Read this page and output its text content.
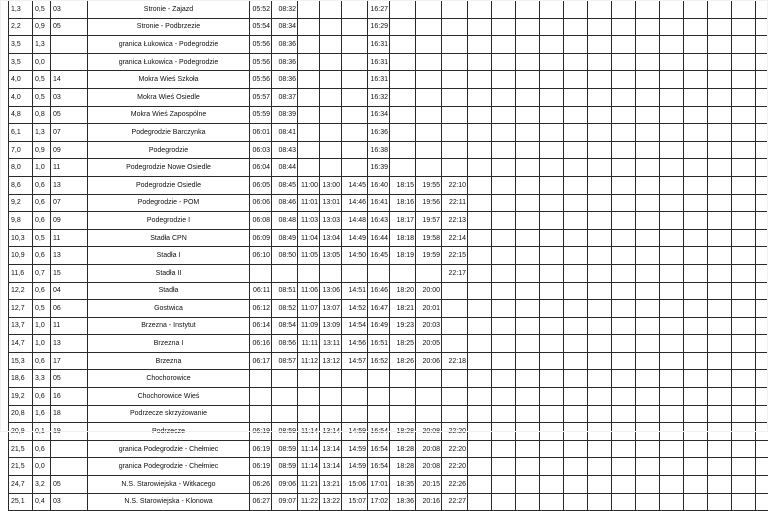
1,3	0,5	03	Stronie - Zajazd	05:52	08:32				16:27																	
2,2	0,9	05	Stronie - Podbrzezie	05:54	08:34				16:29																	
3,5	1,3		granica Łukowica - Podegrodzie	05:56	08:36				16:31																	
3,5	0,0		granica Łukowica - Podegrodzie	05:56	08:36				16:31																	
4,0	0,5	14	Mokra Wieś Szkoła	05:56	08:36				16:31																	
4,0	0,5	03	Mokra Wieś Osiedle	05:57	08:37				16:32																	
4,8	0,8	05	Mokra Wieś Zapospólne	05:59	08:39				16:34																	
6,1	1,3	07	Podegrodzie Barczynka	06:01	08:41				16:36																	
7,0	0,9	09	Podegrodzie	06:03	08:43				16:38																	
8,0	1,0	11	Podegrodzie Nowe Osiedle	06:04	08:44				16:39																	
8,6	0,6	13	Podegrodzie Osiedle	06:05	08:45	11:00	13:00	14:45	16:40	18:15	19:55	22:10														
9,2	0,6	07	Podegrodzie - POM	06:06	08:46	11:01	13:01	14:46	16:41	18:16	19:56	22:11														
9,8	0,6	09	Podegrodzie I	06:08	08:48	11:03	13:03	14:48	16:43	18:17	19:57	22:13														
10,3	0,5	11	Stadła CPN	06:09	08:49	11:04	13:04	14:49	16:44	18:18	19:58	22:14														
10,9	0,6	13	Stadła I	06:10	08:50	11:05	13:05	14:50	16:45	18:19	19:59	22:15														
11,6	0,7	15	Stadła II									22:17														
12,2	0,6	04	Stadła	06:11	08:51	11:06	13:06	14:51	16:46	18:20	20:00															
12,7	0,5	06	Gostwica	06:12	08:52	11:07	13:07	14:52	16:47	18:21	20:01															
13,7	1,0	11	Brzezna - Instytut	06:14	08:54	11:09	13:09	14:54	16:49	19:23	20:03															
14,7	1,0	13	Brzezna I	06:16	08:56	11:11	13:11	14:56	16:51	18:25	20:05															
15,3	0,6	17	Brzezna	06:17	08:57	11:12	13:12	14:57	16:52	18:26	20:06	22:18														
18,6	3,3	05	Chochorowice																							
19,2	0,6	16	Chochorowice Wieś																							
20,8	1,6	18	Podrzecze skrzyżowanie																							
20,9	0,1	19	Podrzecze	06:19	08:59	11:14	13:14	14:59	16:54	18:28	20:08	22:20														
21,5	0,6		granica Podegrodzie - Chełmiec	06:19	08:59	11:14	13:14	14:59	16:54	18:28	20:08	22:20														
21,5	0,0		granica Podegrodzie - Chełmiec	06:19	08:59	11:14	13:14	14:59	16:54	18:28	20:08	22:20														
24,7	3,2	05	N.S. Starowiejska - Witkacego	06:26	09:06	11:21	13:21	15:06	17:01	18:35	20:15	22:26														
25,1	0,4	03	N.S. Starowiejska - Klonowa	06:27	09:07	11:22	13:22	15:07	17:02	18:36	20:16	22:27														
